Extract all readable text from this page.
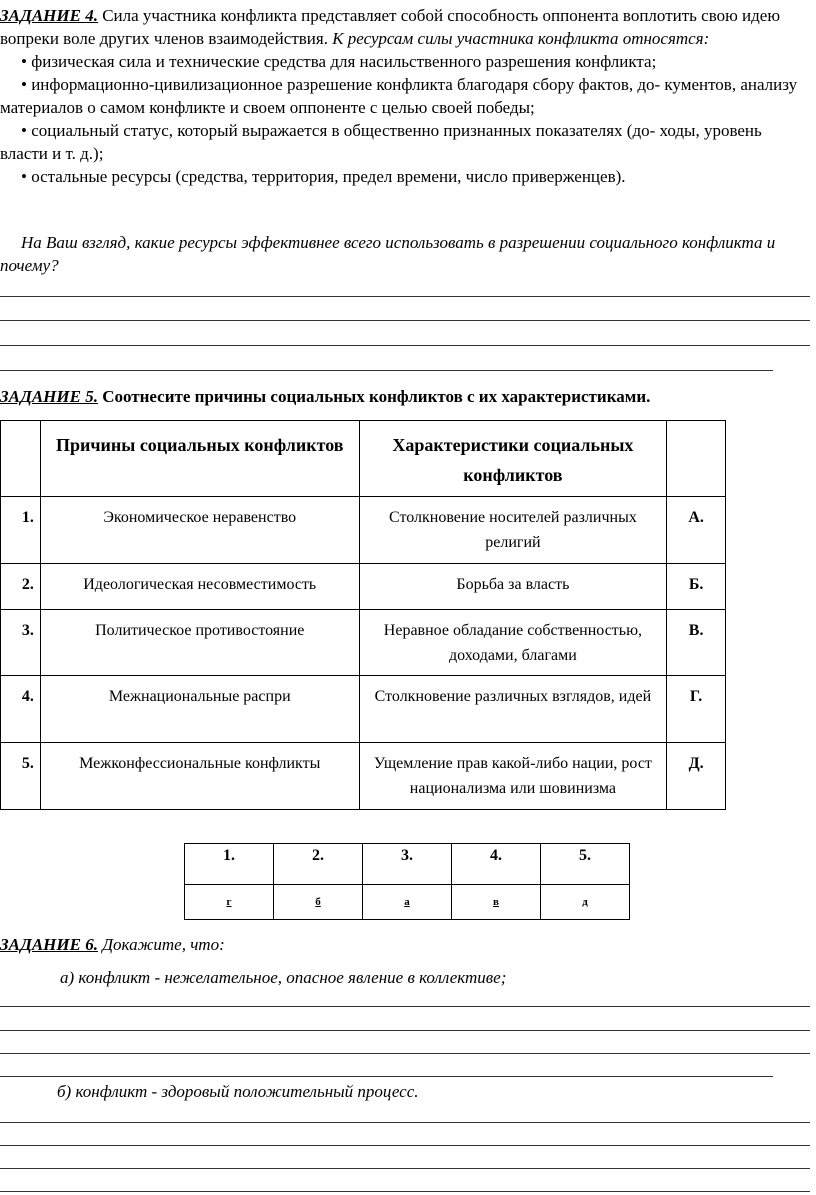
ЗАДАНИЕ 4. Сила участника конфликта представляет собой способность оппонента воплотить свою идею вопреки воле других членов взаимодействия. К ресурсам силы участника конфликта относятся:

• физическая сила и технические средства для насильственного разрешения конфликта;

• информационно-цивилизационное разрешение конфликта благодаря сбору фактов, до- кументов, анализу материалов о самом конфликте и своем оппоненте с целью своей победы;

• социальный статус, который выражается в общественно признанных показателях (до- ходы, уровень власти и т. д.);

• остальные ресурсы (средства, территория, предел времени, число приверженцев).

На Ваш взгляд, какие ресурсы эффективнее всего использовать в разрешении социального конфликта и почему?

ЗАДАНИЕ 5. Соотнесите причины социальных конфликтов с их характеристиками.

	Причины социальных конфликтов	Характеристики социальных конфликтов	
1.	Экономическое неравенство	Столкновение носителей различных религий	А.
2.	Идеологическая несовместимость	Борьба за власть	Б.
3.	Политическое противостояние	Неравное обладание собственностью, доходами, благами	В.
4.	Межнациональные распри	Столкновение различных взглядов, идей	Г.
5.	Межконфессиональные конфликты	Ущемление прав какой-либо нации, рост национализма или шовинизма	Д.
1.	2.	3.	4.	5.
г	б	а	в	д

ЗАДАНИЕ 6. Докажите, что:

а) конфликт - нежелательное, опасное явление в коллективе;

б) конфликт - здоровый положительный процесс.
